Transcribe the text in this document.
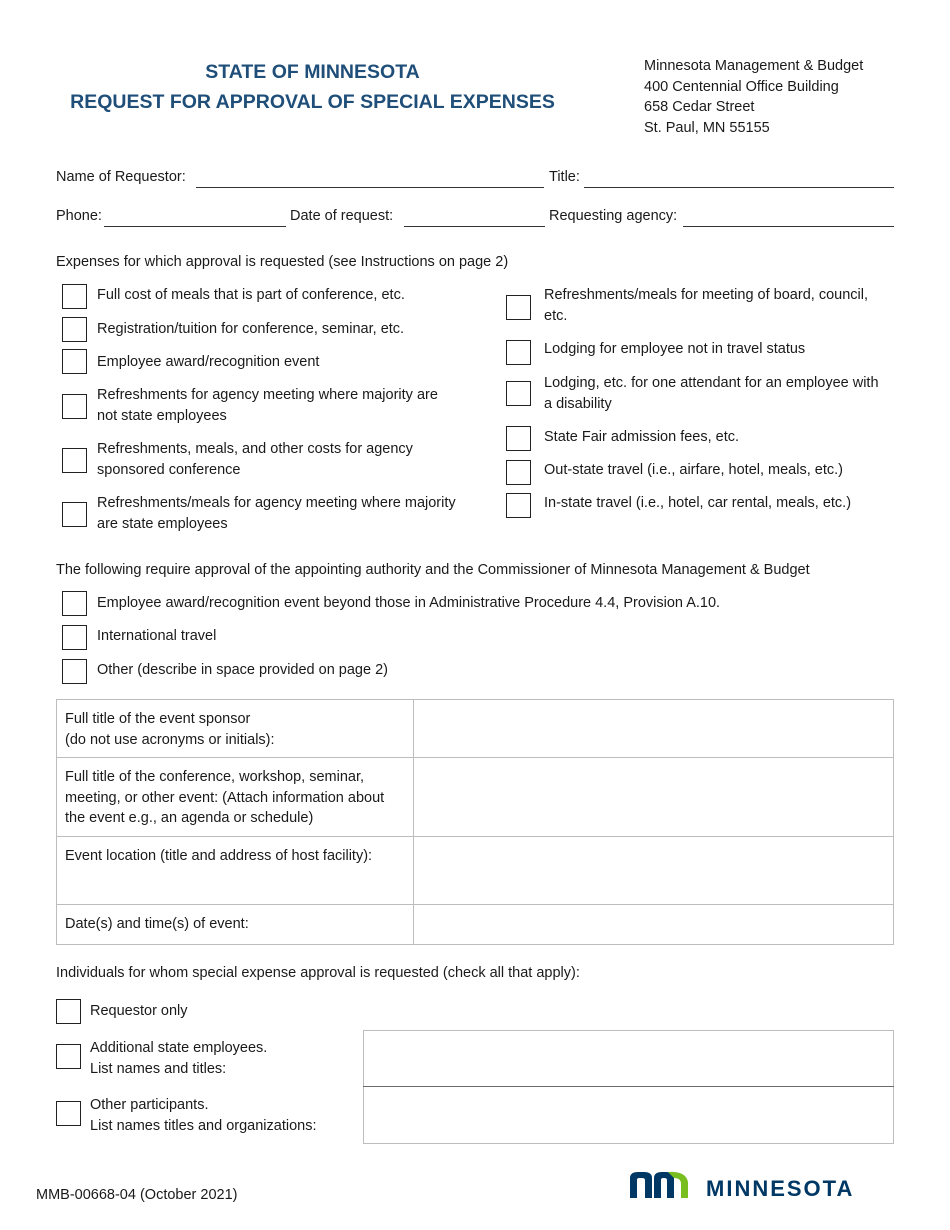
STATE OF MINNESOTA
REQUEST FOR APPROVAL OF SPECIAL EXPENSES
Minnesota Management & Budget
400 Centennial Office Building
658 Cedar Street
St. Paul, MN 55155
Name of Requestor:	Title:
Phone:	Date of request:	Requesting agency:
Expenses for which approval is requested (see Instructions on page 2)
Full cost of meals that is part of conference, etc.
Registration/tuition for conference, seminar, etc.
Employee award/recognition event
Refreshments for agency meeting where majority are not state employees
Refreshments, meals, and other costs for agency sponsored conference
Refreshments/meals for agency meeting where majority are state employees
Refreshments/meals for meeting of board, council, etc.
Lodging for employee not in travel status
Lodging, etc. for one attendant for an employee with a disability
State Fair admission fees, etc.
Out-state travel (i.e., airfare, hotel, meals, etc.)
In-state travel (i.e., hotel, car rental, meals, etc.)
The following require approval of the appointing authority and the Commissioner of Minnesota Management & Budget
Employee award/recognition event beyond those in Administrative Procedure 4.4, Provision A.10.
International travel
Other (describe in space provided on page 2)
Full title of the event sponsor
(do not use acronyms or initials):	
Full title of the conference, workshop, seminar, meeting, or other event: (Attach information about the event e.g., an agenda or schedule)	
Event location (title and address of host facility):	
Date(s) and time(s) of event:	
Individuals for whom special expense approval is requested (check all that apply):
Requestor only
Additional state employees.
List names and titles:
Other participants.
List names titles and organizations:
MMB-00668-04 (October 2021)	MINNESOTA
